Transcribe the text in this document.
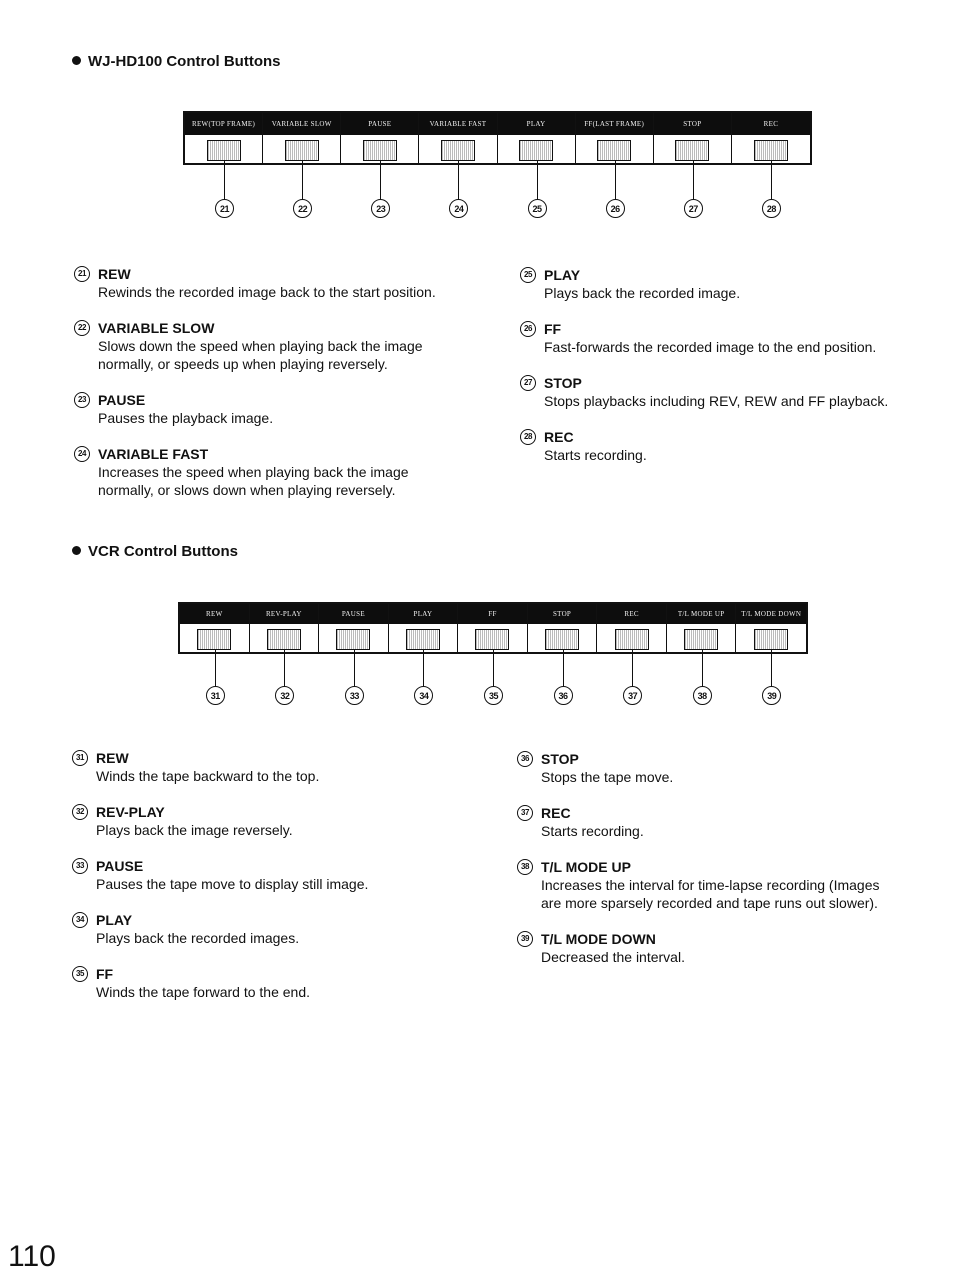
WJ-HD100 Control Buttons
REW(TOP FRAME)	VARIABLE SLOW	PAUSE	VARIABLE FAST	PLAY	FF(LAST FRAME)	STOP	REC
VCR Control Buttons
REW	REV-PLAY	PAUSE	PLAY	FF	STOP	REC	T/L MODE UP	T/L MODE DOWN
21	22	23	24	25	26	27	28
31	32	33	34	35	36	37	38	39
21 REW
Rewinds the recorded image back to the start position.
22 VARIABLE SLOW
Slows down the speed when playing back the image normally, or speeds up when playing reversely.
23 PAUSE
Pauses the playback image.
24 VARIABLE FAST
Increases the speed when playing back the image normally, or slows down when playing reversely.
25 PLAY
Plays back the recorded image.
26 FF
Fast-forwards the recorded image to the end position.
27 STOP
Stops playbacks including REV, REW and FF playback.
28 REC
Starts recording.
31 REW
Winds the tape backward to the top.
32 REV-PLAY
Plays back the image reversely.
33 PAUSE
Pauses the tape move to display still image.
34 PLAY
Plays back the recorded images.
35 FF
Winds the tape forward to the end.
36 STOP
Stops the tape move.
37 REC
Starts recording.
38 T/L MODE UP
Increases the interval for time-lapse recording (Images are more sparsely recorded and tape runs out slower).
39 T/L MODE DOWN
Decreased the interval.
110
